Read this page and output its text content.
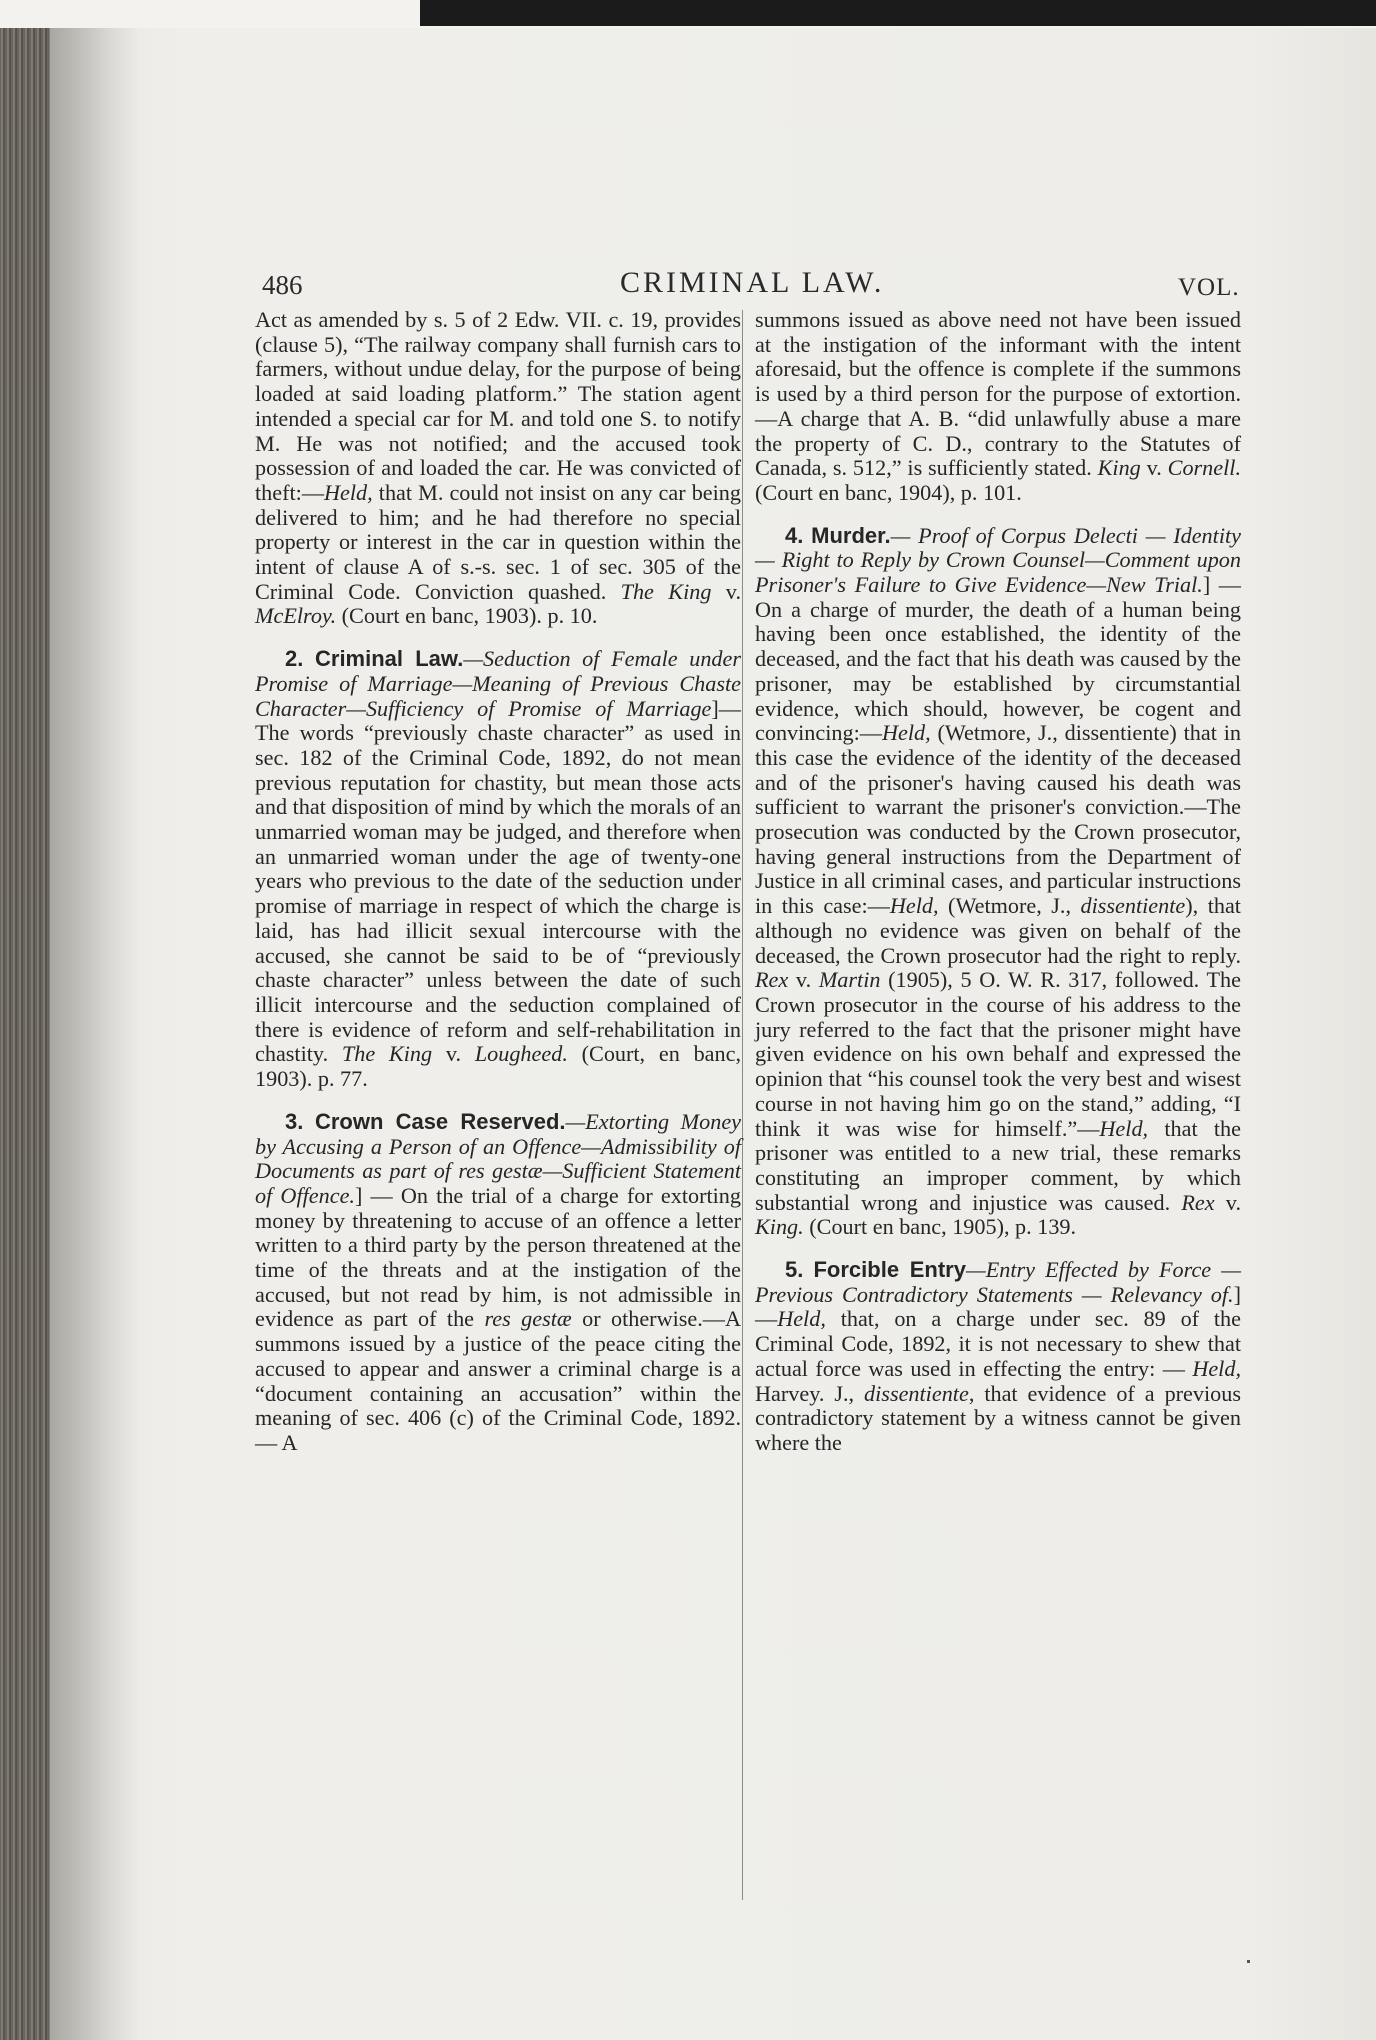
486	CRIMINAL LAW.	VOL.

Act as amended by s. 5 of 2 Edw. VII. c. 19, provides (clause 5), “The railway company shall furnish cars to farmers, without undue delay, for the purpose of being loaded at said loading platform.” The station agent intended a special car for M. and told one S. to notify M. He was not notified; and the accused took possession of and loaded the car. He was convicted of theft:—Held, that M. could not insist on any car being delivered to him; and he had therefore no special property or interest in the car in question within the intent of clause A of s.-s. sec. 1 of sec. 305 of the Criminal Code. Conviction quashed. The King v. McElroy. (Court en banc, 1903). p. 10.

2. Criminal Law.—Seduction of Female under Promise of Marriage—Meaning of Previous Chaste Character—Sufficiency of Promise of Marriage]—The words “previously chaste character” as used in sec. 182 of the Criminal Code, 1892, do not mean previous reputation for chastity, but mean those acts and that disposition of mind by which the morals of an unmarried woman may be judged, and therefore when an unmarried woman under the age of twenty-one years who previous to the date of the seduction under promise of marriage in respect of which the charge is laid, has had illicit sexual intercourse with the accused, she cannot be said to be of “previously chaste character” unless between the date of such illicit intercourse and the seduction complained of there is evidence of reform and self-rehabilitation in chastity. The King v. Lougheed. (Court, en banc, 1903). p. 77.

3. Crown Case Reserved.—Extorting Money by Accusing a Person of an Offence—Admissibility of Documents as part of res gestæ—Sufficient Statement of Offence.] — On the trial of a charge for extorting money by threatening to accuse of an offence a letter written to a third party by the person threatened at the time of the threats and at the instigation of the accused, but not read by him, is not admissible in evidence as part of the res gestæ or otherwise.—A summons issued by a justice of the peace citing the accused to appear and answer a criminal charge is a “document containing an accusation” within the meaning of sec. 406 (c) of the Criminal Code, 1892. — A

summons issued as above need not have been issued at the instigation of the informant with the intent aforesaid, but the offence is complete if the summons is used by a third person for the purpose of extortion.—A charge that A. B. “did unlawfully abuse a mare the property of C. D., contrary to the Statutes of Canada, s. 512,” is sufficiently stated. King v. Cornell. (Court en banc, 1904), p. 101.

4. Murder.— Proof of Corpus Delecti — Identity — Right to Reply by Crown Counsel—Comment upon Prisoner's Failure to Give Evidence—New Trial.] —On a charge of murder, the death of a human being having been once established, the identity of the deceased, and the fact that his death was caused by the prisoner, may be established by circumstantial evidence, which should, however, be cogent and convincing:—Held, (Wetmore, J., dissentiente) that in this case the evidence of the identity of the deceased and of the prisoner's having caused his death was sufficient to warrant the prisoner's conviction.—The prosecution was conducted by the Crown prosecutor, having general instructions from the Department of Justice in all criminal cases, and particular instructions in this case:—Held, (Wetmore, J., dissentiente), that although no evidence was given on behalf of the deceased, the Crown prosecutor had the right to reply. Rex v. Martin (1905), 5 O. W. R. 317, followed. The Crown prosecutor in the course of his address to the jury referred to the fact that the prisoner might have given evidence on his own behalf and expressed the opinion that “his counsel took the very best and wisest course in not having him go on the stand,” adding, “I think it was wise for himself.”—Held, that the prisoner was entitled to a new trial, these remarks constituting an improper comment, by which substantial wrong and injustice was caused. Rex v. King. (Court en banc, 1905), p. 139.

5. Forcible Entry—Entry Effected by Force — Previous Contradictory Statements — Relevancy of.] —Held, that, on a charge under sec. 89 of the Criminal Code, 1892, it is not necessary to shew that actual force was used in effecting the entry: — Held, Harvey. J., dissentiente, that evidence of a previous contradictory statement by a witness cannot be given where the
